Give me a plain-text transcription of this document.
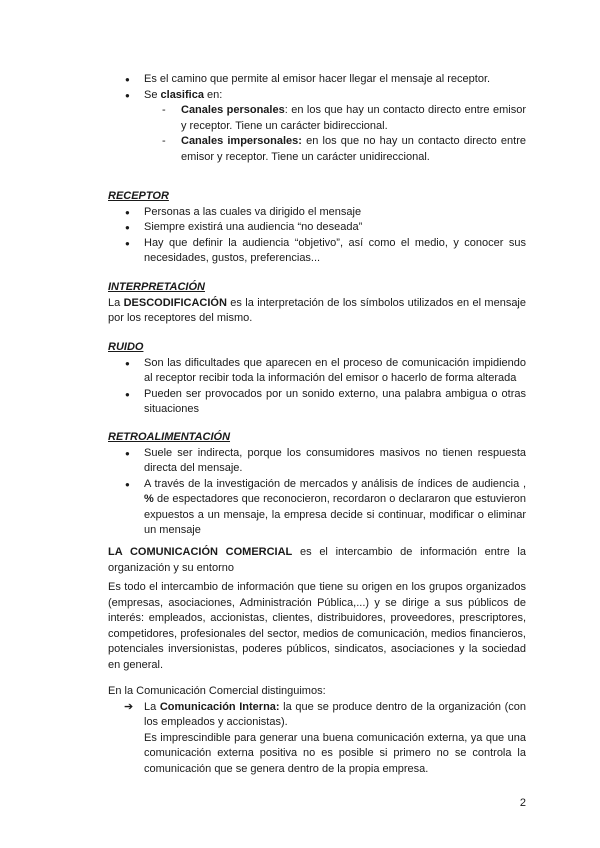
● Es el camino que permite al emisor hacer llegar el mensaje al receptor.
● Se clasifica en:
- Canales personales: en los que hay un contacto directo entre emisor y receptor. Tiene un carácter bidireccional.
- Canales impersonales: en los que no hay un contacto directo entre emisor y receptor. Tiene un carácter unidireccional.

RECEPTOR

● Personas a las cuales va dirigido el mensaje
● Siempre existirá una audiencia “no deseada”
● Hay que definir la audiencia “objetivo”, así como el medio, y conocer sus necesidades, gustos, preferencias...

INTERPRETACIÓN

La DESCODIFICACIÓN es la interpretación de los símbolos utilizados en el mensaje por los receptores del mismo.

RUIDO

● Son las dificultades que aparecen en el proceso de comunicación impidiendo al receptor recibir toda la información del emisor o hacerlo de forma alterada
● Pueden ser provocados por un sonido externo, una palabra ambigua o otras situaciones

RETROALIMENTACIÓN

● Suele ser indirecta, porque los consumidores masivos no tienen respuesta directa del mensaje.
● A través de la investigación de mercados y análisis de índices de audiencia , % de espectadores que reconocieron, recordaron o declararon que estuvieron expuestos a un mensaje, la empresa decide si continuar, modificar o eliminar un mensaje

LA COMUNICACIÓN COMERCIAL es el intercambio de información entre la organización y su entorno

Es todo el intercambio de información que tiene su origen en los grupos organizados (empresas, asociaciones, Administración Pública,...) y se dirige a sus públicos de interés: empleados, accionistas, clientes, distribuidores, proveedores, prescriptores, competidores, profesionales del sector, medios de comunicación, medios financieros, potenciales inversionistas, poderes públicos, sindicatos, asociaciones y la sociedad en general.

En la Comunicación Comercial distinguimos:

➔ La Comunicación Interna: la que se produce dentro de la organización (con los empleados y accionistas).

Es imprescindible para generar una buena comunicación externa, ya que una comunicación externa positiva no es posible si primero no se controla la comunicación que se genera dentro de la propia empresa.

2
